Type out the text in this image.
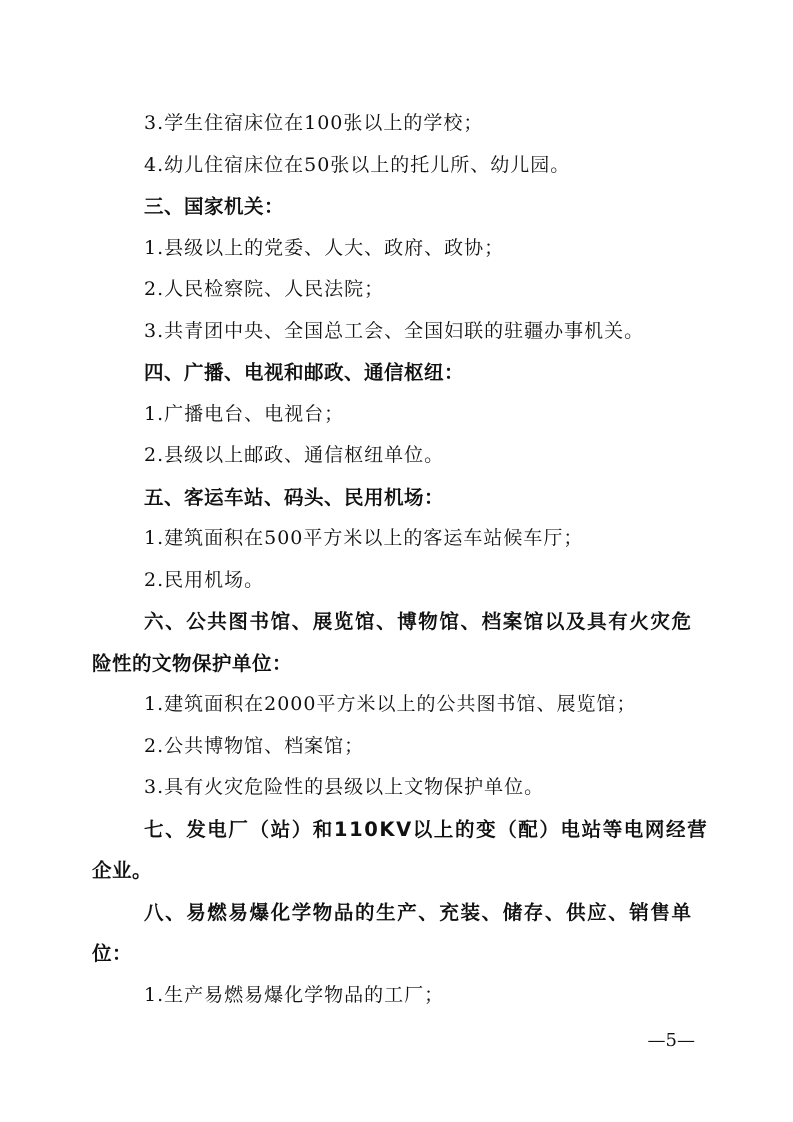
3.学生住宿床位在100张以上的学校；
4.幼儿住宿床位在50张以上的托儿所、幼儿园。
三、国家机关：
1.县级以上的党委、人大、政府、政协；
2.人民检察院、人民法院；
3.共青团中央、全国总工会、全国妇联的驻疆办事机关。
四、广播、电视和邮政、通信枢纽：
1.广播电台、电视台；
2.县级以上邮政、通信枢纽单位。
五、客运车站、码头、民用机场：
1.建筑面积在500平方米以上的客运车站候车厅；
2.民用机场。
六、公共图书馆、展览馆、博物馆、档案馆以及具有火灾危
险性的文物保护单位：
1.建筑面积在2000平方米以上的公共图书馆、展览馆；
2.公共博物馆、档案馆；
3.具有火灾危险性的县级以上文物保护单位。
七、发电厂（站）和110KV以上的变（配）电站等电网经营
企业。
八、易燃易爆化学物品的生产、充装、储存、供应、销售单
位：
1.生产易燃易爆化学物品的工厂；
—5—
